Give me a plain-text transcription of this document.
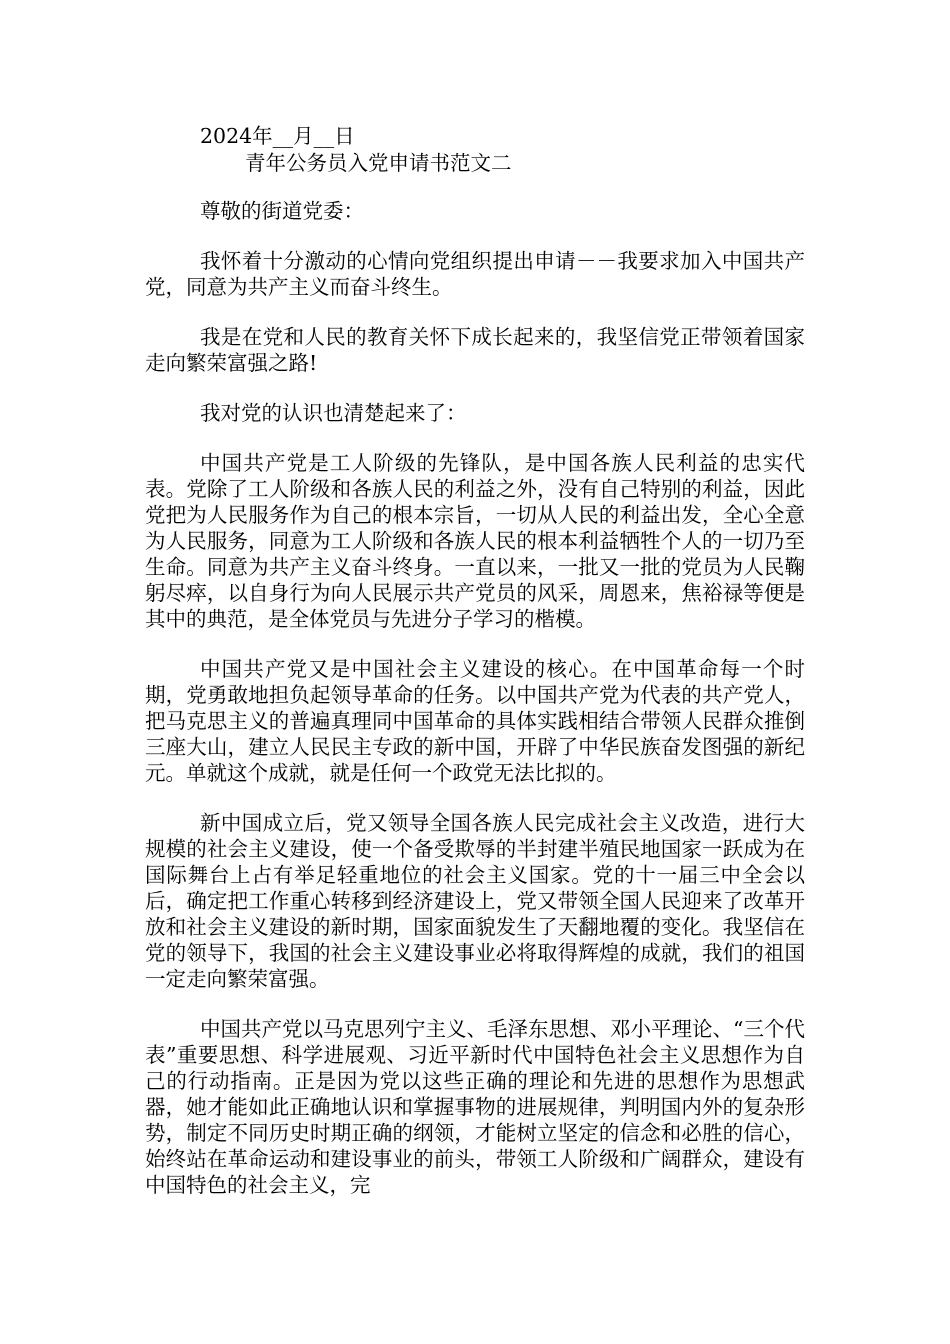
2024年__月__日

青年公务员入党申请书范文二

尊敬的街道党委：

我怀着十分激动的心情向党组织提出申请－－我要求加入中国共产党，同意为共产主义而奋斗终生。

我是在党和人民的教育关怀下成长起来的，我坚信党正带领着国家走向繁荣富强之路!

我对党的认识也清楚起来了：

中国共产党是工人阶级的先锋队，是中国各族人民利益的忠实代表。党除了工人阶级和各族人民的利益之外，没有自己特别的利益，因此党把为人民服务作为自己的根本宗旨，一切从人民的利益出发，全心全意为人民服务，同意为工人阶级和各族人民的根本利益牺牲个人的一切乃至生命。同意为共产主义奋斗终身。一直以来，一批又一批的党员为人民鞠躬尽瘁，以自身行为向人民展示共产党员的风采，周恩来，焦裕禄等便是其中的典范，是全体党员与先进分子学习的楷模。

中国共产党又是中国社会主义建设的核心。在中国革命每一个时期，党勇敢地担负起领导革命的任务。以中国共产党为代表的共产党人，把马克思主义的普遍真理同中国革命的具体实践相结合带领人民群众推倒三座大山，建立人民民主专政的新中国，开辟了中华民族奋发图强的新纪元。单就这个成就，就是任何一个政党无法比拟的。

新中国成立后，党又领导全国各族人民完成社会主义改造，进行大规模的社会主义建设，使一个备受欺辱的半封建半殖民地国家一跃成为在国际舞台上占有举足轻重地位的社会主义国家。党的十一届三中全会以后，确定把工作重心转移到经济建设上，党又带领全国人民迎来了改革开放和社会主义建设的新时期，国家面貌发生了天翻地覆的变化。我坚信在党的领导下，我国的社会主义建设事业必将取得辉煌的成就，我们的祖国一定走向繁荣富强。

中国共产党以马克思列宁主义、毛泽东思想、邓小平理论、“三个代表”重要思想、科学进展观、习近平新时代中国特色社会主义思想作为自己的行动指南。正是因为党以这些正确的理论和先进的思想作为思想武器，她才能如此正确地认识和掌握事物的进展规律，判明国内外的复杂形势，制定不同历史时期正确的纲领，才能树立坚定的信念和必胜的信心，始终站在革命运动和建设事业的前头，带领工人阶级和广阔群众，建设有中国特色的社会主义，完
